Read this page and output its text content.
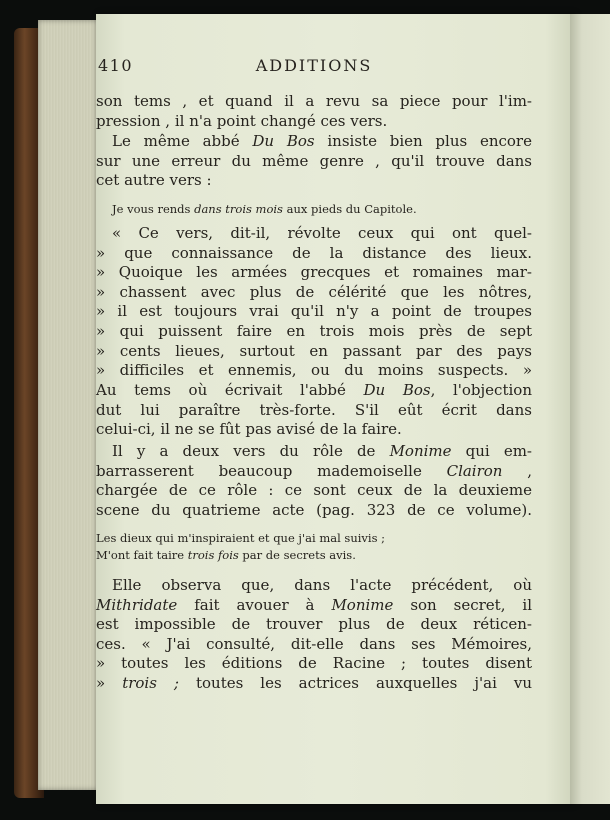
410	ADDITIONS
son tems , et quand il a revu sa piece pour l'im-
pression , il n'a point changé ces vers.
Le même abbé Du Bos insiste bien plus encore
sur une erreur du même genre , qu'il trouve dans
cet autre vers :
Je vous rends dans trois mois aux pieds du Capitole.
« Ce vers, dit-il, révolte ceux qui ont quel-
» que connaissance de la distance des lieux.
» Quoique les armées grecques et romaines mar-
» chassent avec plus de célérité que les nôtres,
» il est toujours vrai qu'il n'y a point de troupes
» qui puissent faire en trois mois près de sept
» cents lieues, surtout en passant par des pays
» difficiles et ennemis, ou du moins suspects. »
Au tems où écrivait l'abbé Du Bos, l'objection
dut lui paraître très-forte. S'il eût écrit dans
celui-ci, il ne se fût pas avisé de la faire.
Il y a deux vers du rôle de Monime qui em-
barrasserent beaucoup mademoiselle Clairon ,
chargée de ce rôle : ce sont ceux de la deuxieme
scene du quatrieme acte (pag. 323 de ce volume).
Les dieux qui m'inspiraient et que j'ai mal suivis ;
M'ont fait taire trois fois par de secrets avis.
Elle observa que, dans l'acte précédent, où
Mithridate fait avouer à Monime son secret, il
est impossible de trouver plus de deux réticen-
ces. « J'ai consulté, dit-elle dans ses Mémoires,
» toutes les éditions de Racine ; toutes disent
» trois ; toutes les actrices auxquelles j'ai vu
